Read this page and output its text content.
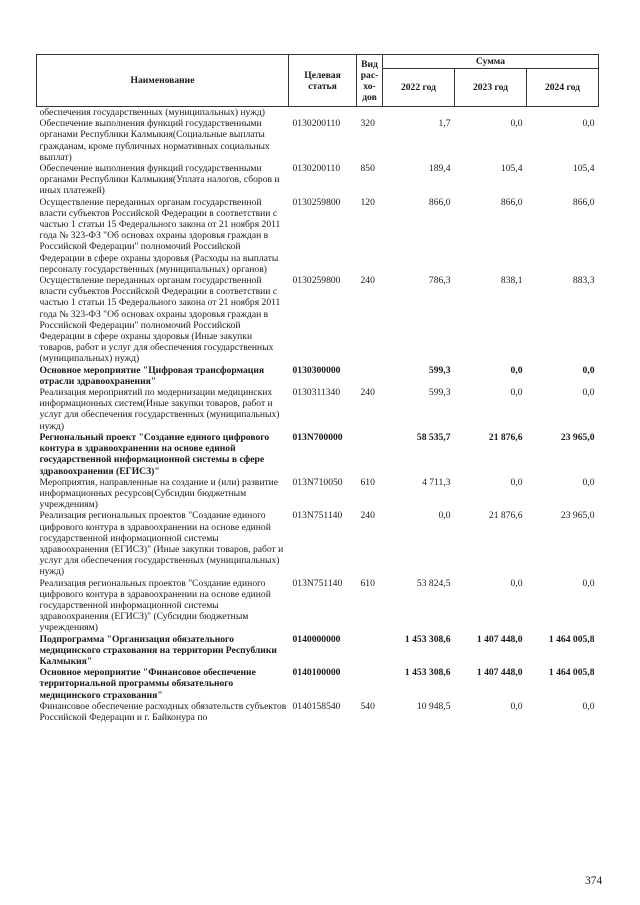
Наименование	Целевая статья	Вид
рас-
хо-
дов	Сумма		
			2022 год	2023 год	2024 год
обеспечения государственных (муниципальных) нужд)					
Обеспечение выполнения функций государственными органами Республики Калмыкия(Социальные выплаты гражданам, кроме публичных нормативных социальных выплат)	0130200110	320	1,7	0,0	0,0
Обеспечение выполнения функций государственными органами Республики Калмыкия(Уплата налогов, сборов и иных платежей)	0130200110	850	189,4	105,4	105,4
Осуществление переданных органам государственной власти субъектов Российской Федерации в соответствии с частью 1 статьи 15 Федерального закона от 21 ноября 2011 года № 323-ФЗ "Об основах охраны здоровья граждан в Российской Федерации" полномочий Российской Федерации в сфере охраны здоровья (Расходы на выплаты персоналу государственных (муниципальных) органов)	0130259800	120	866,0	866,0	866,0
Осуществление переданных органам государственной власти субъектов Российской Федерации в соответствии с частью 1 статьи 15 Федерального закона от 21 ноября 2011 года № 323-ФЗ "Об основах охраны здоровья граждан в Российской Федерации" полномочий Российской Федерации в сфере охраны здоровья (Иные закупки товаров, работ и услуг для обеспечения государственных (муниципальных) нужд)	0130259800	240	786,3	838,1	883,3
Основное мероприятие "Цифровая трансформация отрасли здравоохранения"	0130300000		599,3	0,0	0,0
Реализация мероприятий по модернизации медицинских информационных систем(Иные закупки товаров, работ и услуг для обеспечения государственных (муниципальных) нужд)	0130311340	240	599,3	0,0	0,0
Региональный проект "Создание единого цифрового контура в здравоохранении на основе единой государственной информационной системы в сфере здравоохранения (ЕГИСЗ)"	013N700000		58 535,7	21 876,6	23 965,0
Мероприятия, направленные на создание и (или) развитие информационных ресурсов(Субсидии бюджетным учреждениям)	013N710050	610	4 711,3	0,0	0,0
Реализация региональных проектов "Создание единого цифрового контура в здравоохранении на основе единой государственной информационной системы здравоохранения (ЕГИСЗ)" (Иные закупки товаров, работ и услуг для обеспечения государственных (муниципальных) нужд)	013N751140	240	0,0	21 876,6	23 965,0
Реализация региональных проектов "Создание единого цифрового контура в здравоохранении на основе единой государственной информационной системы здравоохранения (ЕГИСЗ)" (Субсидии бюджетным учреждениям)	013N751140	610	53 824,5	0,0	0,0
Подпрограмма "Организация обязательного медицинского страхования на территории Республики Калмыкия"	0140000000		1 453 308,6	1 407 448,0	1 464 005,8
Основное мероприятие "Финансовое обеспечение территориальной программы обязательного медицинского страхования"	0140100000		1 453 308,6	1 407 448,0	1 464 005,8
Финансовое обеспечение расходных обязательств субъектов Российской Федерации и г. Байконура по	0140158540	540	10 948,5	0,0	0,0
374
